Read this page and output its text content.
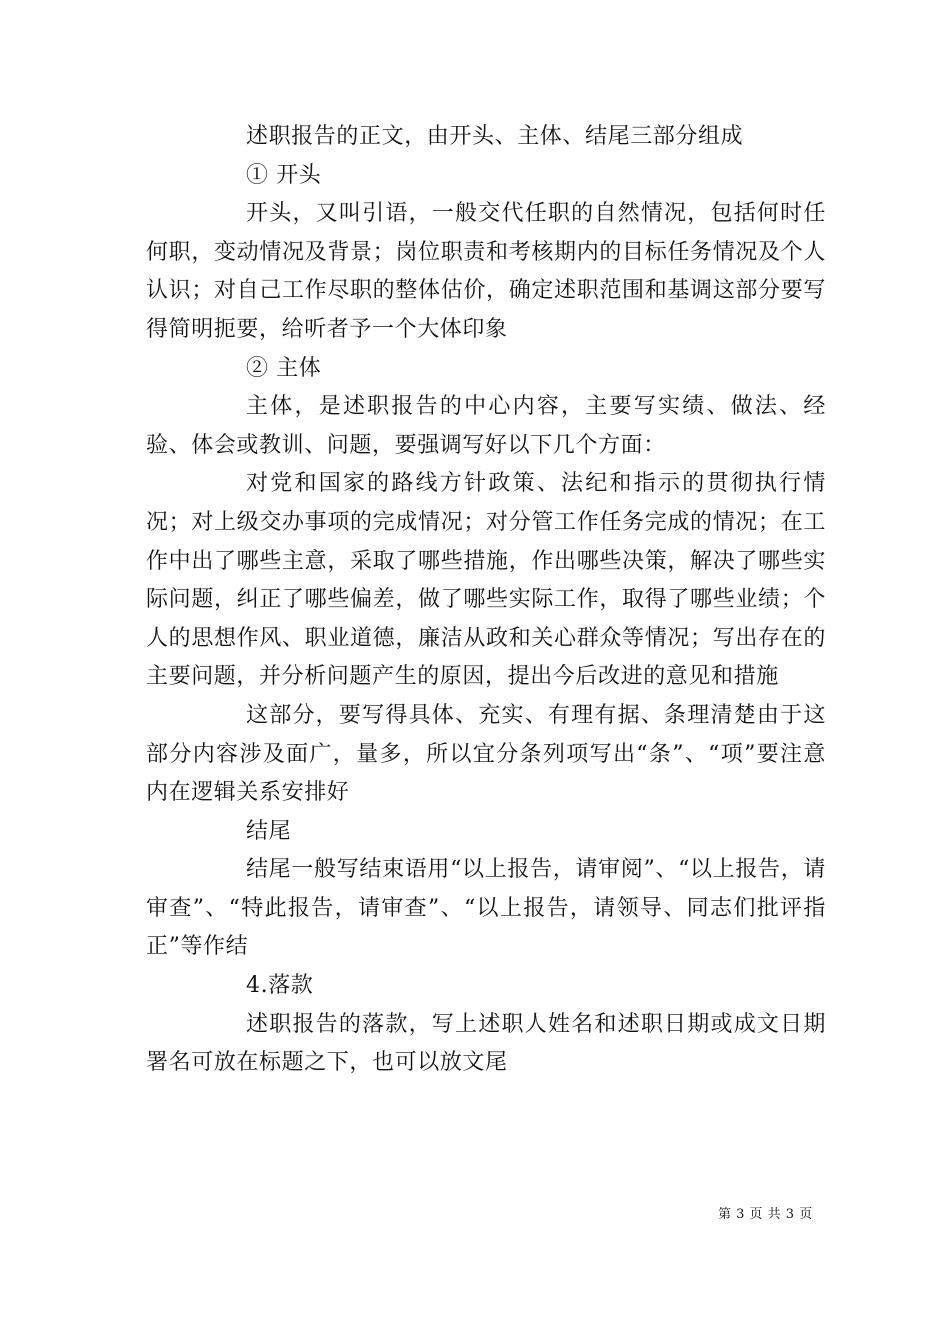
述职报告的正文，由开头、主体、结尾三部分组成

① 开头

开头，又叫引语，一般交代任职的自然情况，包括何时任何职，变动情况及背景；岗位职责和考核期内的目标任务情况及个人认识；对自己工作尽职的整体估价，确定述职范围和基调这部分要写得简明扼要，给听者予一个大体印象

② 主体

主体，是述职报告的中心内容，主要写实绩、做法、经验、体会或教训、问题，要强调写好以下几个方面：

对党和国家的路线方针政策、法纪和指示的贯彻执行情况；对上级交办事项的完成情况；对分管工作任务完成的情况；在工作中出了哪些主意，采取了哪些措施，作出哪些决策，解决了哪些实际问题，纠正了哪些偏差，做了哪些实际工作，取得了哪些业绩；个人的思想作风、职业道德，廉洁从政和关心群众等情况；写出存在的主要问题，并分析问题产生的原因，提出今后改进的意见和措施

这部分，要写得具体、充实、有理有据、条理清楚由于这部分内容涉及面广，量多，所以宜分条列项写出“条”、“项”要注意内在逻辑关系安排好

结尾

结尾一般写结束语用“以上报告，请审阅”、“以上报告，请审查”、“特此报告，请审查”、“以上报告，请领导、同志们批评指正”等作结

4.落款

述职报告的落款，写上述职人姓名和述职日期或成文日期署名可放在标题之下，也可以放文尾

第 3 页 共 3 页
